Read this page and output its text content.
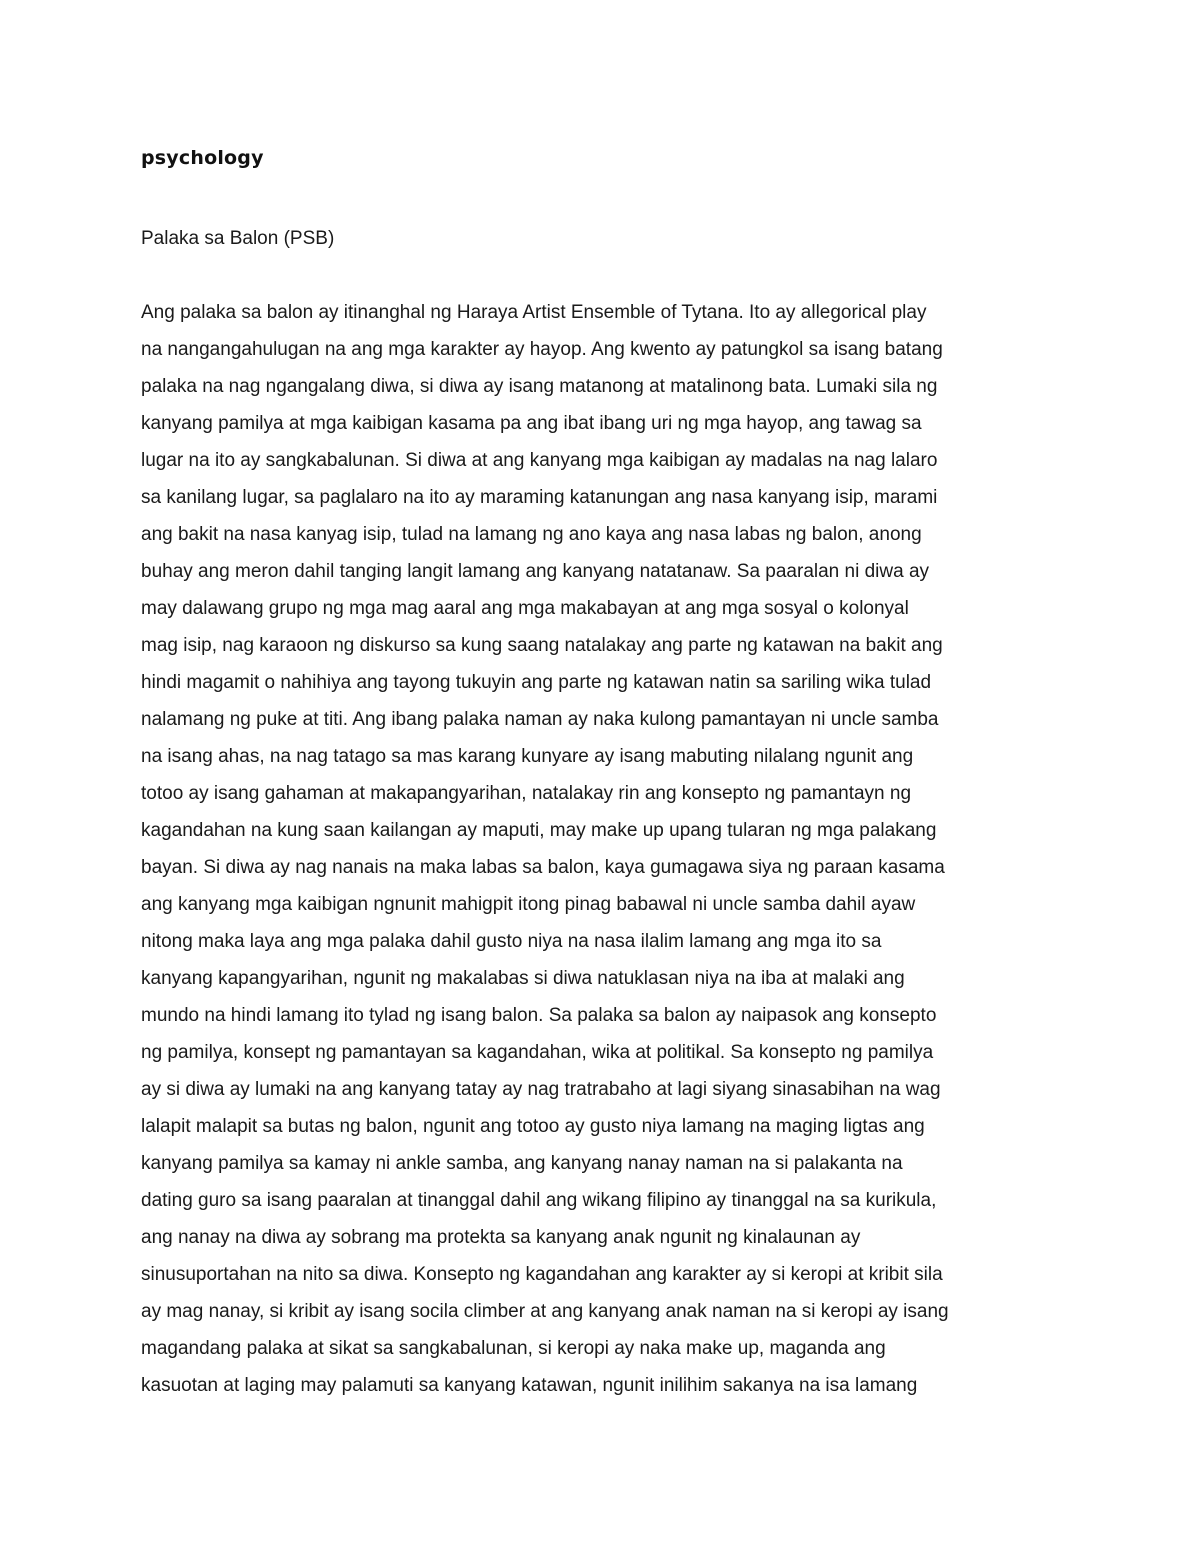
psychology

Palaka sa Balon (PSB)

Ang palaka sa balon ay itinanghal ng Haraya Artist Ensemble of Tytana. Ito ay allegorical play
na nangangahulugan na ang mga karakter ay hayop. Ang kwento ay patungkol sa isang batang
palaka na nag ngangalang diwa, si diwa ay isang matanong at matalinong bata. Lumaki sila ng
kanyang pamilya at mga kaibigan kasama pa ang ibat ibang uri ng mga hayop, ang tawag sa
lugar na ito ay sangkabalunan. Si diwa at ang kanyang mga kaibigan ay madalas na nag lalaro
sa kanilang lugar, sa paglalaro na ito ay maraming katanungan ang nasa kanyang isip, marami
ang bakit na nasa kanyag isip, tulad na lamang ng ano kaya ang nasa labas ng balon, anong
buhay ang meron dahil tanging langit lamang ang kanyang natatanaw. Sa paaralan ni diwa ay
may dalawang grupo ng mga mag aaral ang mga makabayan at ang mga sosyal o kolonyal
mag isip, nag karaoon ng diskurso sa kung saang natalakay ang parte ng katawan na bakit ang
hindi magamit o nahihiya ang tayong tukuyin ang parte ng katawan natin sa sariling wika tulad
nalamang ng puke at titi. Ang ibang palaka naman ay naka kulong pamantayan ni uncle samba
na isang ahas, na nag tatago sa mas karang kunyare ay isang mabuting nilalang ngunit ang
totoo ay isang gahaman at makapangyarihan, natalakay rin ang konsepto ng pamantayn ng
kagandahan na kung saan kailangan ay maputi, may make up upang tularan ng mga palakang
bayan. Si diwa ay nag nanais na maka labas sa balon, kaya gumagawa siya ng paraan kasama
ang kanyang mga kaibigan ngnunit mahigpit itong pinag babawal ni uncle samba dahil ayaw
nitong maka laya ang mga palaka dahil gusto niya na nasa ilalim lamang ang mga ito sa
kanyang kapangyarihan, ngunit ng makalabas si diwa natuklasan niya na iba at malaki ang
mundo na hindi lamang ito tylad ng isang balon. Sa palaka sa balon ay naipasok ang konsepto
ng pamilya, konsept ng pamantayan sa kagandahan, wika at politikal. Sa konsepto ng pamilya
ay si diwa ay lumaki na ang kanyang tatay ay nag tratrabaho at lagi siyang sinasabihan na wag
lalapit malapit sa butas ng balon, ngunit ang totoo ay gusto niya lamang na maging ligtas ang
kanyang pamilya sa kamay ni ankle samba, ang kanyang nanay naman na si palakanta na
dating guro sa isang paaralan at tinanggal dahil ang wikang filipino ay tinanggal na sa kurikula,
ang nanay na diwa ay sobrang ma protekta sa kanyang anak ngunit ng kinalaunan ay
sinusuportahan na nito sa diwa. Konsepto ng kagandahan ang karakter ay si keropi at kribit sila
ay mag nanay, si kribit ay isang socila climber at ang kanyang anak naman na si keropi ay isang
magandang palaka at sikat sa sangkabalunan, si keropi ay naka make up, maganda ang
kasuotan at laging may palamuti sa kanyang katawan, ngunit inilihim sakanya na isa lamang
